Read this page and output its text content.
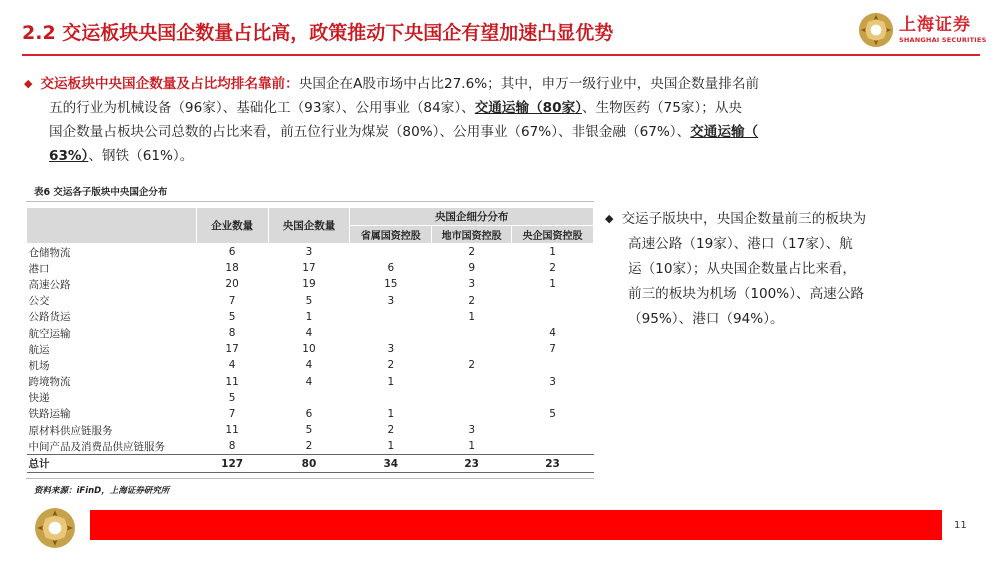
2.2 交运板块央国企数量占比高，政策推动下央国企有望加速凸显优势	上海证券
SHANGHAI SECURITIES
◆ 交运板块中央国企数量及占比均排名靠前：央国企在A股市场中占比27.6%；其中，申万一级行业中，央国企数量排名前
五的行业为机械设备（96家）、基础化工（93家）、公用事业（84家）、交通运输（80家）、生物医药（75家）；从央
国企数量占板块公司总数的占比来看，前五位行业为煤炭（80%）、公用事业（67%）、非银金融（67%）、交通运输（
63%）、钢铁（61%）。
表6 交运各子版块中央国企分布
	企业数量	央国企数量	央国企细分分布		
			省属国资控股	地市国资控股	央企国资控股
仓储物流	6	3		2	1
港口	18	17	6	9	2
高速公路	20	19	15	3	1
公交	7	5	3	2	
公路货运	5	1		1	
航空运输	8	4			4
航运	17	10	3		7
机场	4	4	2	2	
跨境物流	11	4	1		3
快递	5				
铁路运输	7	6	1		5
原材料供应链服务	11	5	2	3	
中间产品及消费品供应链服务	8	2	1	1	
总计	127	80	34	23	23
资料来源：iFinD，上海证券研究所
◆ 交运子版块中，央国企数量前三的板块为
高速公路（19家）、港口（17家）、航
运（10家）；从央国企数量占比来看，
前三的板块为机场（100%）、高速公路
（95%）、港口（94%）。
11
